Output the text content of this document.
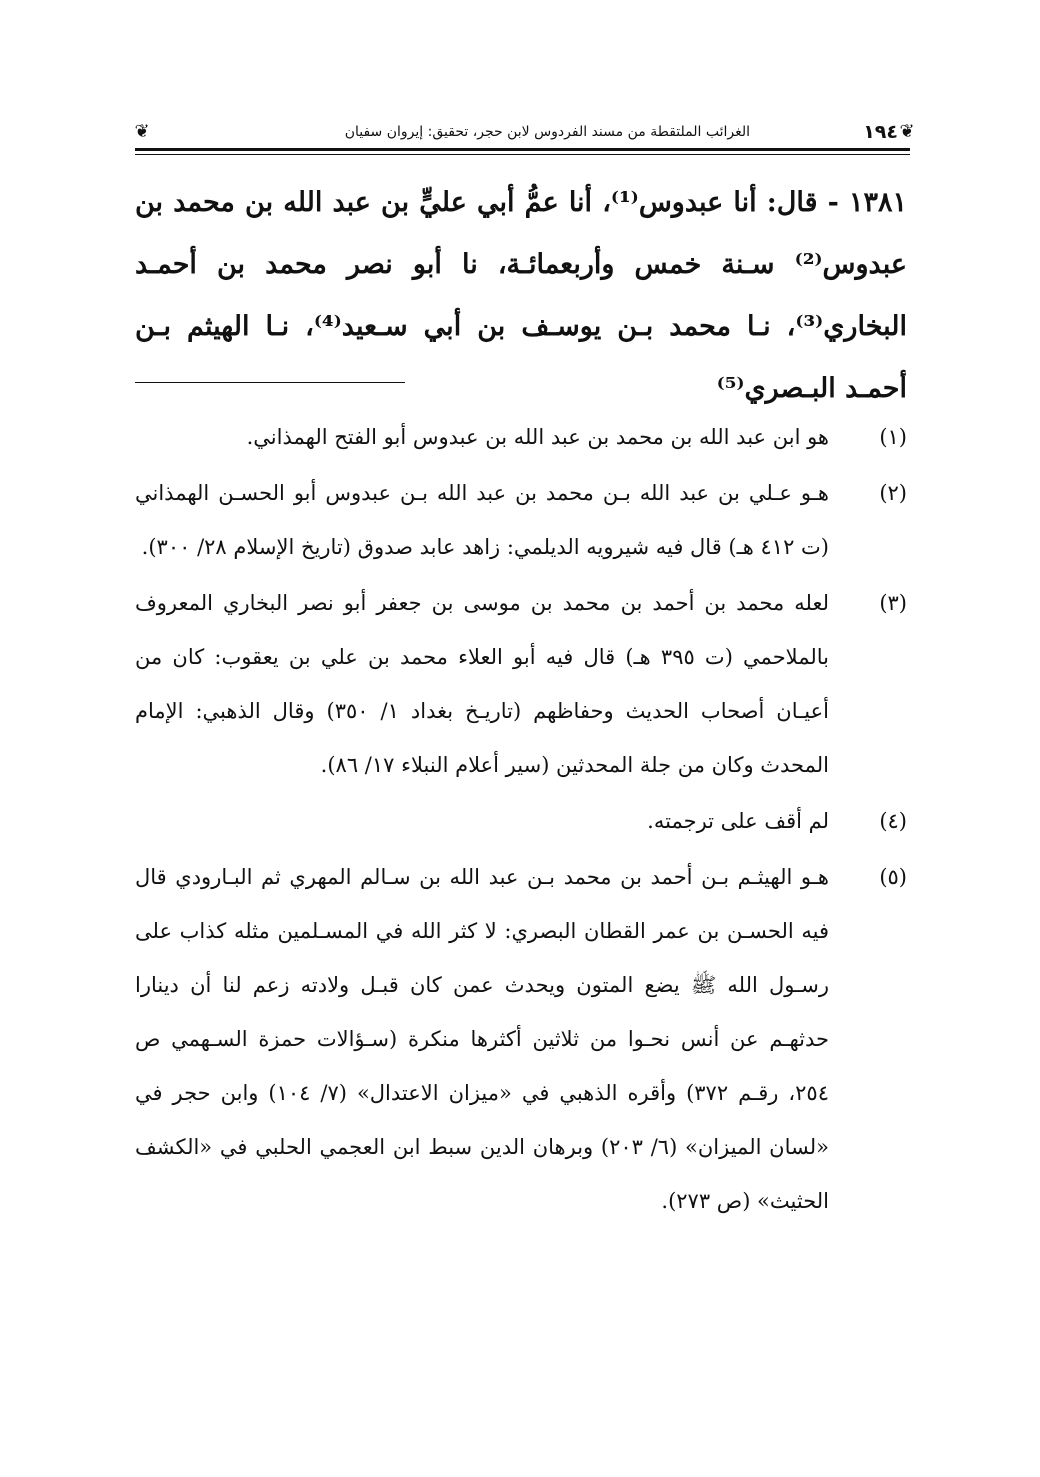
❦
١٩٤
الغرائب الملتقطة من مسند الفردوس لابن حجر، تحقيق: إيروان سفيان
❦

١٣٨١ - قال: أنا عبدوس⁽¹⁾، أنا عمُّ أبي عليٍّ بن عبد الله بن محمد بن عبدوس⁽²⁾ سـنة خمس وأربعمائـة، نا أبو نصر محمد بن أحمـد البخاري⁽³⁾، نـا محمد بـن يوسـف بن أبي سـعيد⁽⁴⁾، نـا الهيثم بـن أحمـد البـصري⁽⁵⁾

(١)
هو ابن عبد الله بن محمد بن عبد الله بن عبدوس أبو الفتح الهمذاني.
(٢)
هـو عـلي بن عبد الله بـن محمد بن عبد الله بـن عبدوس أبو الحسـن الهمذاني (ت ٤١٢ هـ) قال فيه شيرويه الديلمي: زاهد عابد صدوق (تاريخ الإسلام ٢٨/ ٣٠٠).
(٣)
لعله محمد بن أحمد بن محمد بن موسى بن جعفر أبو نصر البخاري المعروف بالملاحمي (ت ٣٩٥ هـ) قال فيه أبو العلاء محمد بن علي بن يعقوب: كان من أعيـان أصحاب الحديث وحفاظهم (تاريـخ بغداد ١/ ٣٥٠) وقال الذهبي: الإمام المحدث وكان من جلة المحدثين (سير أعلام النبلاء ١٧/ ٨٦).
(٤)
لم أقف على ترجمته.
(٥)
هـو الهيثـم بـن أحمد بن محمد بـن عبد الله بن سـالم المهري ثم البـارودي قال فيه الحسـن بن عمر القطان البصري: لا كثر الله في المسـلمين مثله كذاب على رسـول الله ﷺ يضع المتون ويحدث عمن كان قبـل ولادته زعم لنا أن دينارا حدثهـم عن أنس نحـوا من ثلاثين أكثرها منكرة (سـؤالات حمزة السـهمي ص ٢٥٤، رقـم ٣٧٢) وأقره الذهبي في «ميزان الاعتدال» (٧/ ١٠٤) وابن حجر في «لسان الميزان» (٦/ ٢٠٣) وبرهان الدين سبط ابن العجمي الحلبي في «الكشف الحثيث» (ص ٢٧٣).
